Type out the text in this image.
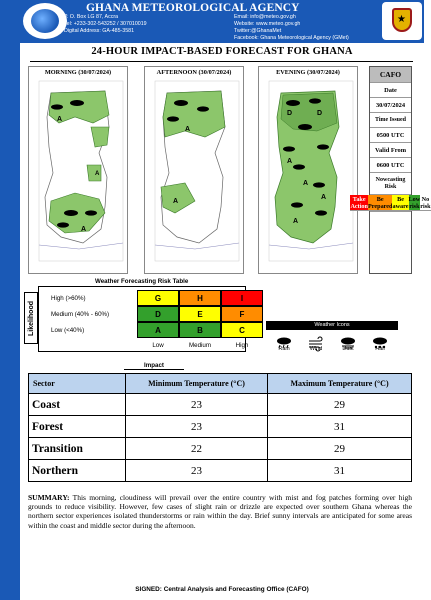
GHANA METEOROLOGICAL AGENCY
P. O. Box LG 87, Accra
Tel: +233-302-543252 / 307010019
Digital Address: GA-485-3581
Email: info@meteo.gov.gh
Website: www.meteo.gov.gh
Twitter:@GhanaMet
Facebook: Ghana Meteorological Agency (GMet)
★
24-HOUR IMPACT-BASED FORECAST FOR GHANA
MORNING (30/07/2024)
A
A
A
AFTERNOON (30/07/2024)
A
A
EVENING (30/07/2024)
D	D
A
A
A
A
CAFO
Date
30/07/2024
Time Issued
0500 UTC
Valid From
0600 UTC
Nowcasting Risk
Take Action
Be Prepared
Be aware
Low risk
No risk
Weather Forecasting Risk Table
Likelihood
High (>60%)	G	H	I
Medium (40% - 60%)	D	E	F
Low (<40%)	A	B	C
Low	Medium	High
Impact
Weather Icons
Rain	Wind	Dust	Hail
Sector	Minimum Temperature (°C)	Maximum Temperature (°C)
Coast	23	29
Forest	23	31
Transition	22	29
Northern	23	31
SUMMARY: This morning, cloudiness will prevail over the entire country with mist and fog patches forming over high grounds to reduce visibility. However, few cases of slight rain or drizzle are expected over southern Ghana whereas the northern sector experiences isolated thunderstorms or rain within the day. Brief sunny intervals are anticipated for some areas within the coast and middle sector during the afternoon.
SIGNED: Central Analysis and Forecasting Office (CAFO)
